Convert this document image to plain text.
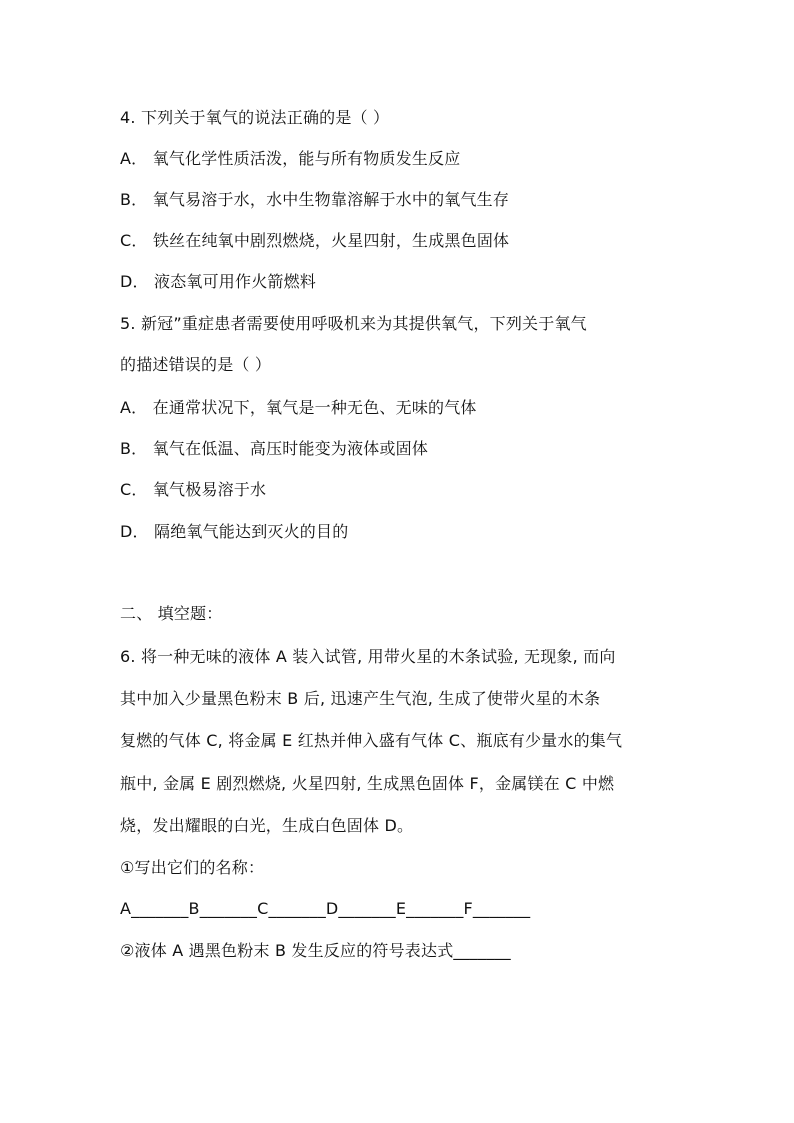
4. 下列关于氧气的说法正确的是（ ）
A． 氧气化学性质活泼，能与所有物质发生反应
B． 氧气易溶于水，水中生物靠溶解于水中的氧气生存
C． 铁丝在纯氧中剧烈燃烧，火星四射，生成黑色固体
D． 液态氧可用作火箭燃料
5. 新冠”重症患者需要使用呼吸机来为其提供氧气，下列关于氧气
的描述错误的是（ ）
A． 在通常状况下，氧气是一种无色、无味的气体
B． 氧气在低温、高压时能变为液体或固体
C． 氧气极易溶于水
D． 隔绝氧气能达到灭火的目的
二、 填空题：
6. 将一种无味的液体 A 装入试管, 用带火星的木条试验, 无现象, 而向
其中加入少量黑色粉末 B 后, 迅速产生气泡, 生成了使带火星的木条
复燃的气体 C, 将金属 E 红热并伸入盛有气体 C、瓶底有少量水的集气
瓶中, 金属 E 剧烈燃烧, 火星四射, 生成黑色固体 F，金属镁在 C 中燃
烧，发出耀眼的白光，生成白色固体 D。
①写出它们的名称：
A_______B_______C_______D_______E_______F_______
②液体 A 遇黑色粉末 B 发生反应的符号表达式_______
